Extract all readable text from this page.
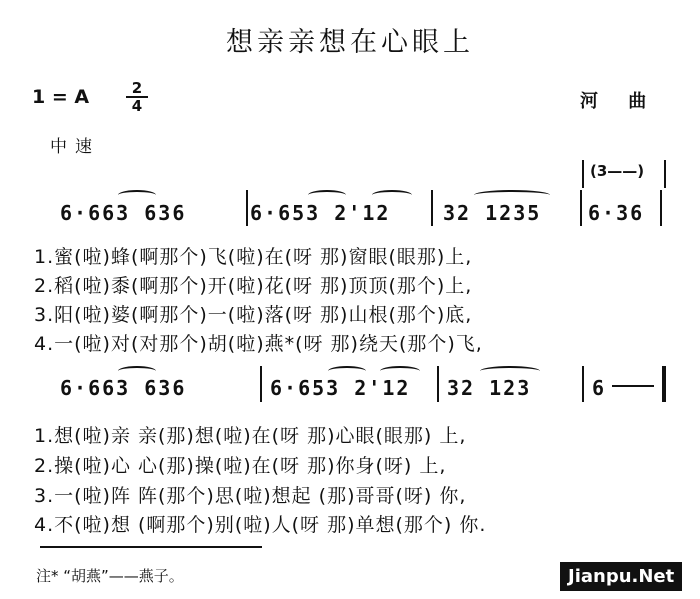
想亲亲想在心眼上
1 = A	2
4	河 曲
中速
(3——)
6·663 636	6·653 2'12	32 1235 6·36
1.蜜(啦)蜂(啊那个)飞(啦)在(呀 那)窗眼(眼那)上,
2.稻(啦)黍(啊那个)开(啦)花(呀 那)顶顶(那个)上,
3.阳(啦)婆(啊那个)一(啦)落(呀 那)山根(那个)底,
4.一(啦)对(对那个)胡(啦)燕*(呀 那)绕天(那个)飞,
6·663 636	6·653 2'12 32 123	6
1.想(啦)亲 亲(那)想(啦)在(呀 那)心眼(眼那) 上,
2.操(啦)心 心(那)操(啦)在(呀 那)你身(呀) 上,
3.一(啦)阵 阵(那个)思(啦)想起 (那)哥哥(呀) 你,
4.不(啦)想 (啊那个)别(啦)人(呀 那)单想(那个) 你.
注* “胡燕”——燕子。	Jianpu.Net
